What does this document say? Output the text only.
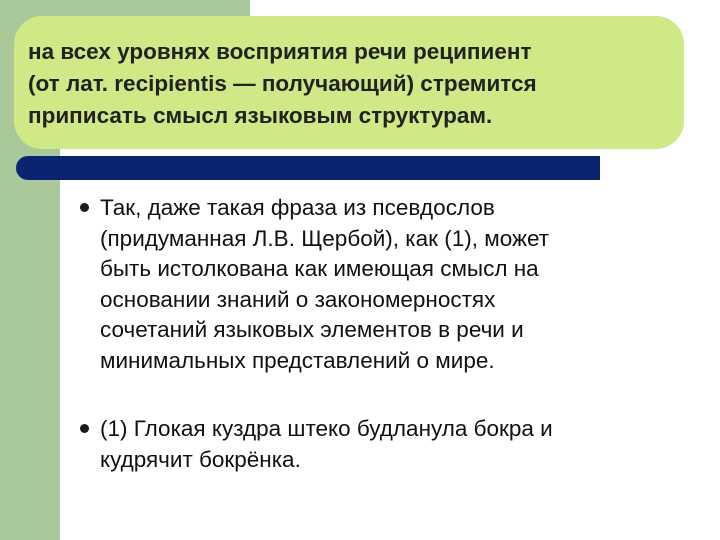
на всех уровнях восприятия речи реципиент
(от лат. recipientis — получающий) стремится
приписать смысл языковым структурам.

Так, даже такая фраза из псевдослов
(придуманная Л.В. Щербой), как (1), может
быть истолкована как имеющая смысл на
основании знаний о закономерностях
сочетаний языковых элементов в речи и
минимальных представлений о мире.

(1) Глокая куздра штеко будланула бокра и
кудрячит бокрёнка.
